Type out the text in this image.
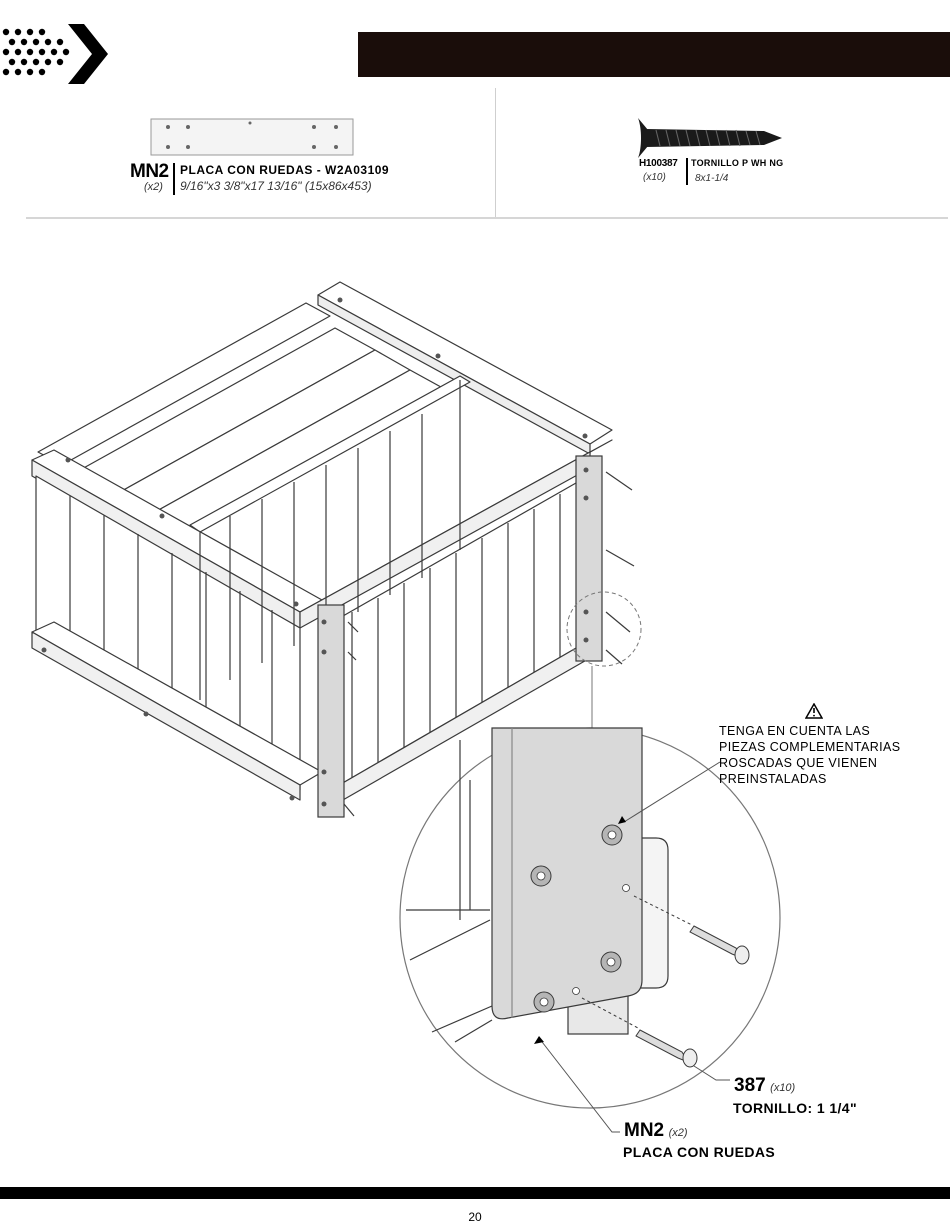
MN2
(x2)
PLACA CON RUEDAS - W2A03109
9/16"x3 3/8"x17 13/16" (15x86x453)
H100387
(x10)
TORNILLO P WH NG
8x1-1/4
TENGA EN CUENTA LAS
PIEZAS COMPLEMENTARIAS
ROSCADAS QUE VIENEN
PREINSTALADAS
387 (x10)
TORNILLO: 1 1/4"
MN2 (x2)
PLACA CON RUEDAS
20
